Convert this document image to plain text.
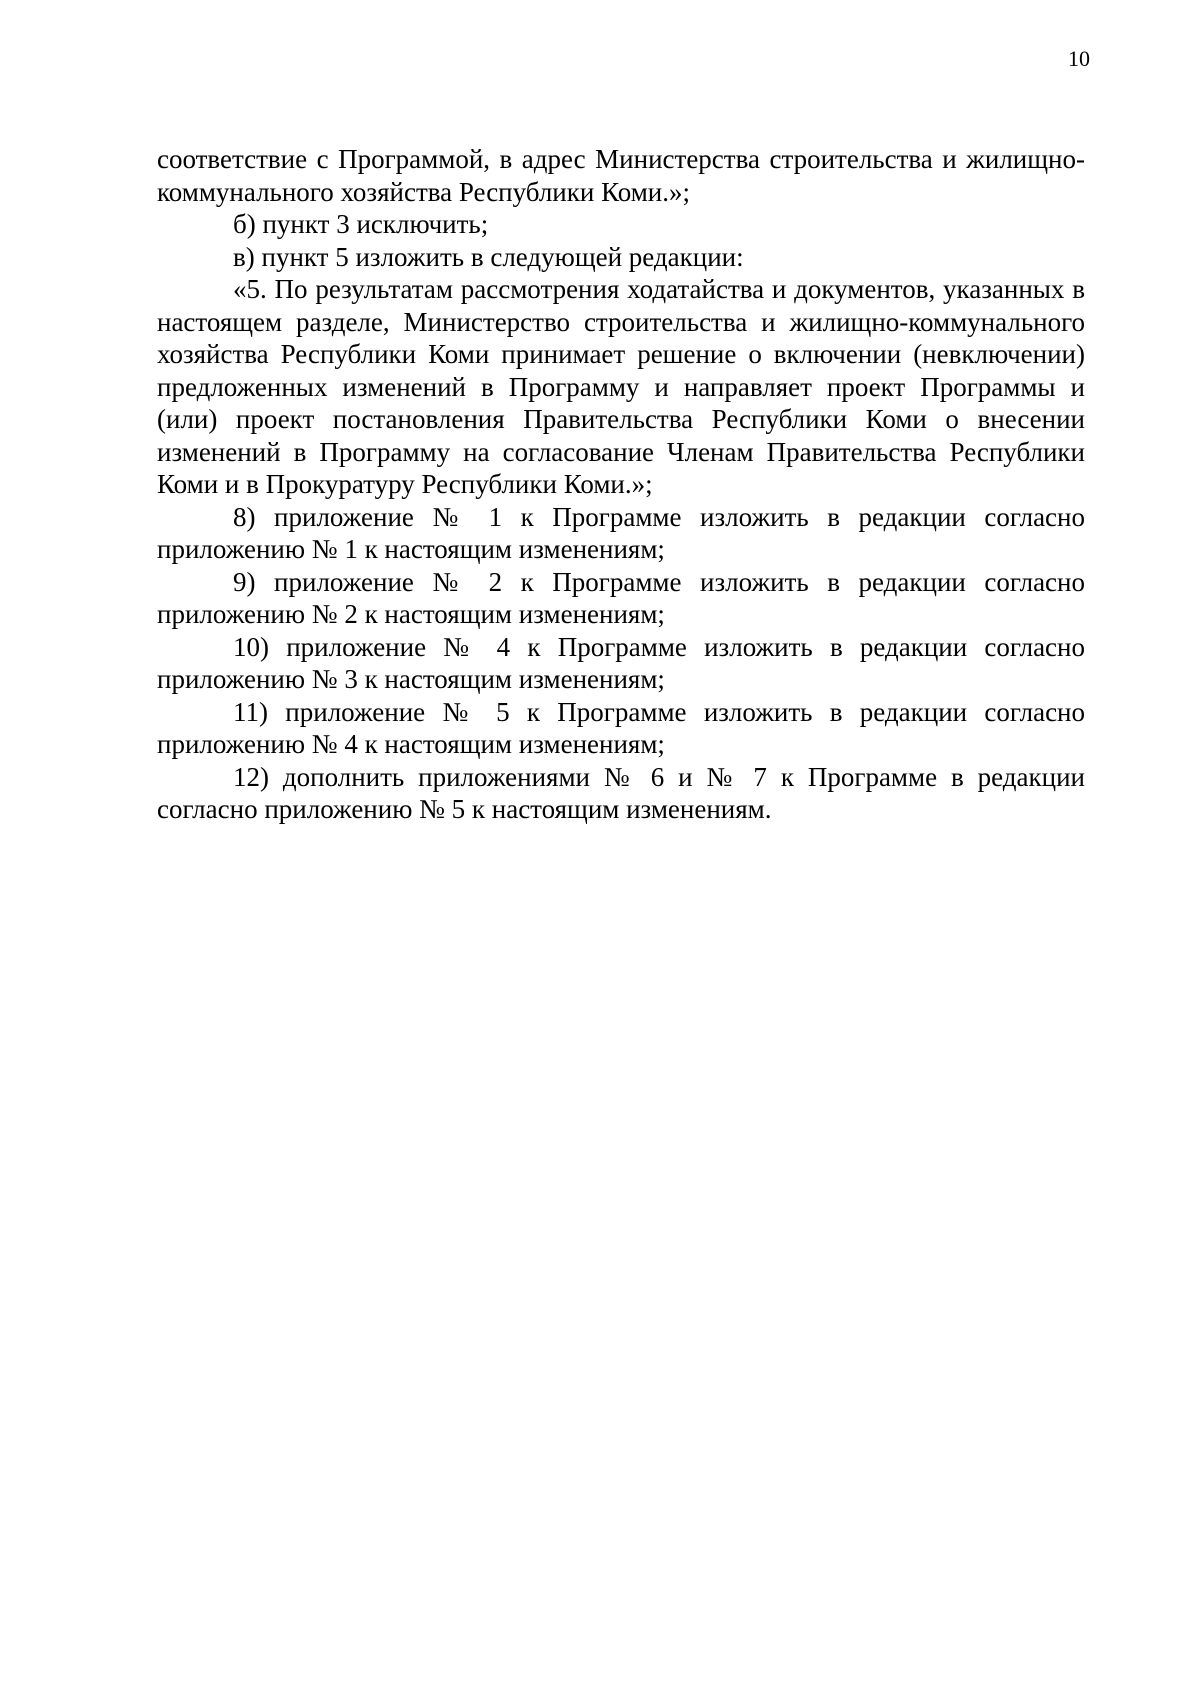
10

соответствие с Программой, в адрес Министерства строительства и жилищно-коммунального хозяйства Республики Коми.»;

б) пункт 3 исключить;

в) пункт 5 изложить в следующей редакции:

«5. По результатам рассмотрения ходатайства и документов, указанных в настоящем разделе, Министерство строительства и жилищно-коммунального хозяйства Республики Коми принимает решение о включении (невключении) предложенных изменений в Программу и направляет проект Программы и (или) проект постановления Правительства Республики Коми о внесении изменений в Программу на согласование Членам Правительства Республики Коми и в Прокуратуру Республики Коми.»;

8) приложение № 1 к Программе изложить в редакции согласно приложению № 1 к настоящим изменениям;

9) приложение № 2 к Программе изложить в редакции согласно приложению № 2 к настоящим изменениям;

10) приложение № 4 к Программе изложить в редакции согласно приложению № 3 к настоящим изменениям;

11) приложение № 5 к Программе изложить в редакции согласно приложению № 4 к настоящим изменениям;

12) дополнить приложениями № 6 и № 7 к Программе в редакции согласно приложению № 5 к настоящим изменениям.
